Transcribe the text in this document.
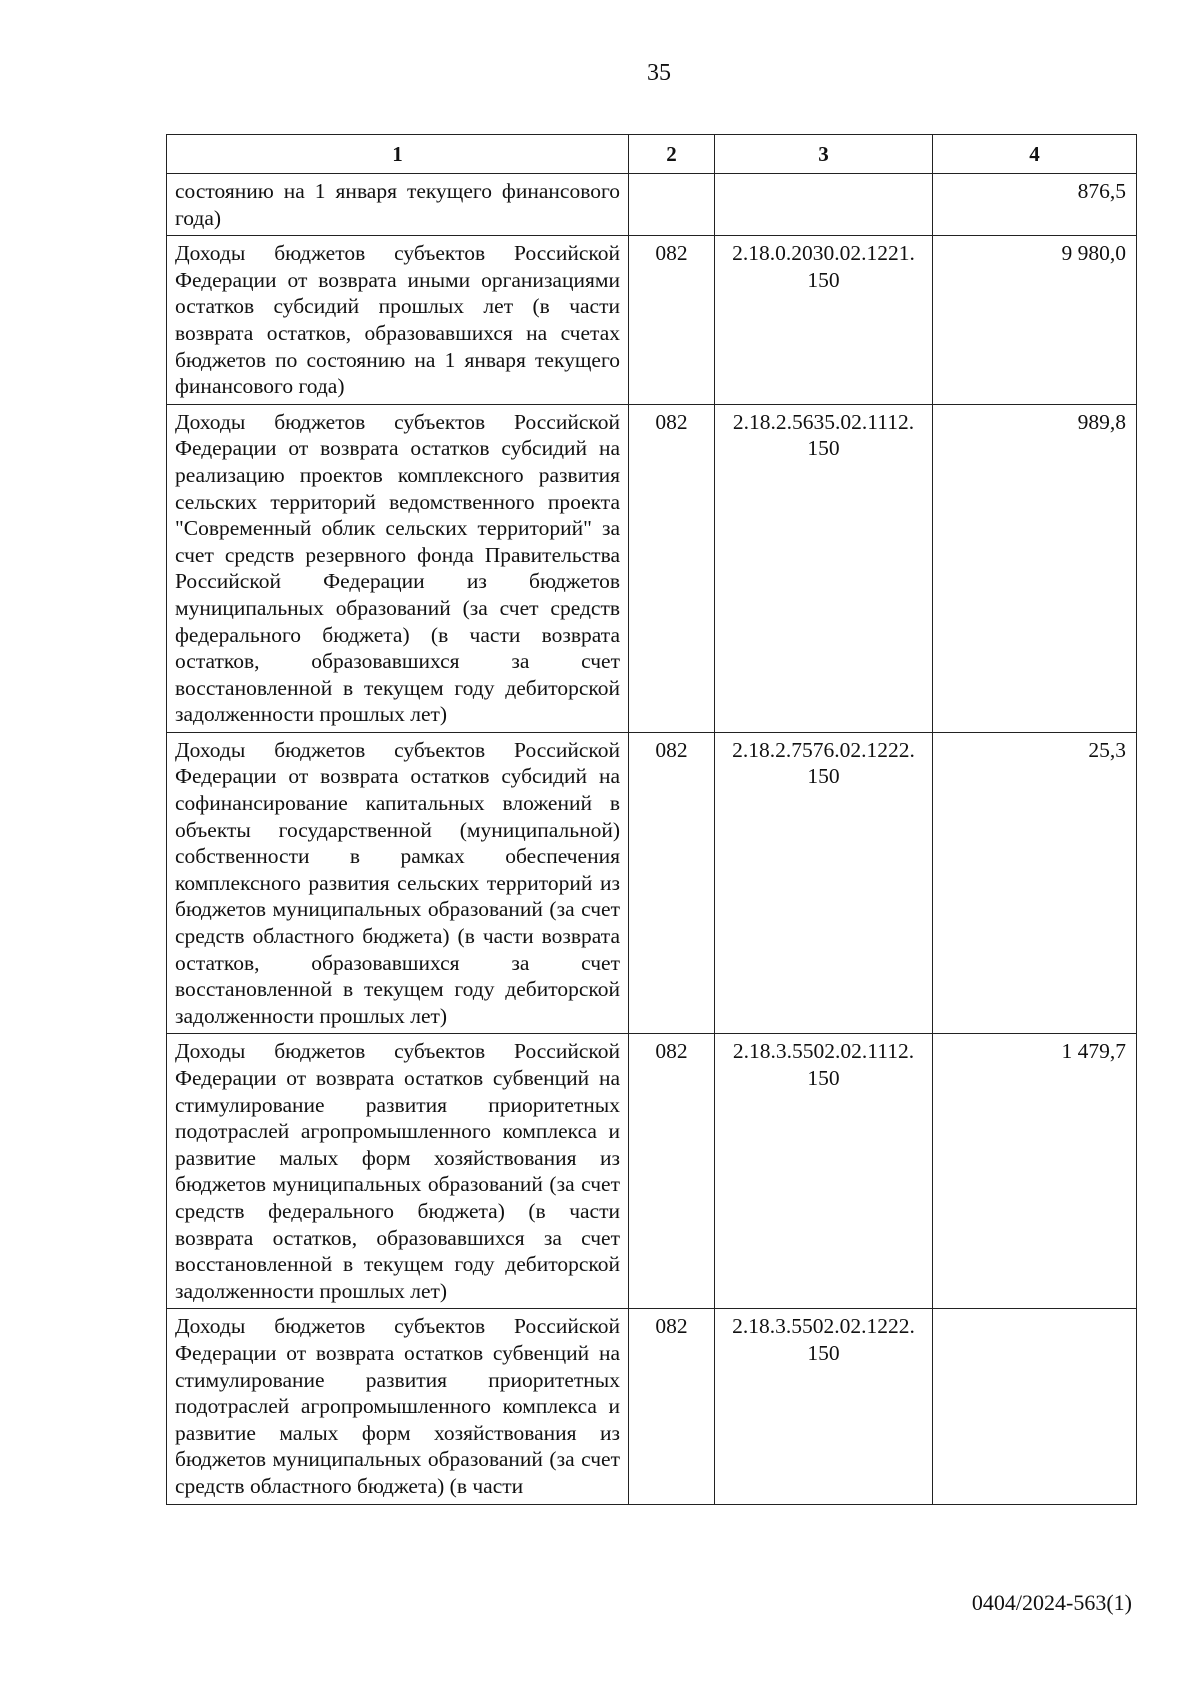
35
1	2	3	4
состоянию на 1 января текущего финансового года)			876,5
Доходы бюджетов субъектов Российской Федерации от возврата иными организациями остатков субсидий прошлых лет (в части возврата остатков, образовавшихся на счетах бюджетов по состоянию на 1 января текущего финансового года)	082	2.18.0.2030.02.1221. 150	9 980,0
Доходы бюджетов субъектов Российской Федерации от возврата остатков субсидий на реализацию проектов комплексного развития сельских территорий ведомственного проекта "Современный облик сельских территорий" за счет средств резервного фонда Правительства Российской Федерации из бюджетов муниципальных образований (за счет средств федерального бюджета) (в части возврата остатков, образовавшихся за счет восстановленной в текущем году дебиторской задолженности прошлых лет)	082	2.18.2.5635.02.1112. 150	989,8
Доходы бюджетов субъектов Российской Федерации от возврата остатков субсидий на софинансирование капитальных вложений в объекты государственной (муниципальной) собственности в рамках обеспечения комплексного развития сельских территорий из бюджетов муниципальных образований (за счет средств областного бюджета) (в части возврата остатков, образовавшихся за счет восстановленной в текущем году дебиторской задолженности прошлых лет)	082	2.18.2.7576.02.1222. 150	25,3
Доходы бюджетов субъектов Российской Федерации от возврата остатков субвенций на стимулирование развития приоритетных подотраслей агропромышленного комплекса и развитие малых форм хозяйствования из бюджетов муниципальных образований (за счет средств федерального бюджета) (в части возврата остатков, образовавшихся за счет восстановленной в текущем году дебиторской задолженности прошлых лет)	082	2.18.3.5502.02.1112. 150	1 479,7
Доходы бюджетов субъектов Российской Федерации от возврата остатков субвенций на стимулирование развития приоритетных подотраслей агропромышленного комплекса и развитие малых форм хозяйствования из бюджетов муниципальных образований (за счет средств областного бюджета) (в части	082	2.18.3.5502.02.1222. 150	
0404/2024-563(1)
